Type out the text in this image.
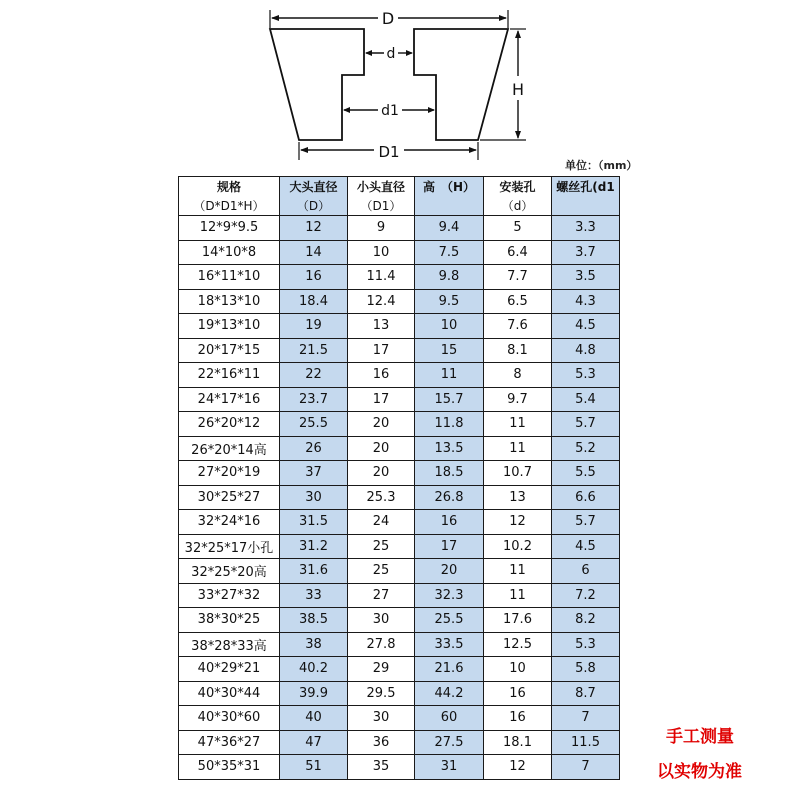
D
d
d1
D1
H
单位：（mm）
规格	大头直径	小头直径	高　（H）	安装孔	螺丝孔(d1
（D*D1*H）	（D）	（D1）		（d）	
12*9*9.5	12	9	9.4	5	3.3
14*10*8	14	10	7.5	6.4	3.7
16*11*10	16	11.4	9.8	7.7	3.5
18*13*10	18.4	12.4	9.5	6.5	4.3
19*13*10	19	13	10	7.6	4.5
20*17*15	21.5	17	15	8.1	4.8
22*16*11	22	16	11	8	5.3
24*17*16	23.7	17	15.7	9.7	5.4
26*20*12	25.5	20	11.8	11	5.7
26*20*14高	26	20	13.5	11	5.2
27*20*19	37	20	18.5	10.7	5.5
30*25*27	30	25.3	26.8	13	6.6
32*24*16	31.5	24	16	12	5.7
32*25*17小孔	31.2	25	17	10.2	4.5
32*25*20高	31.6	25	20	11	6
33*27*32	33	27	32.3	11	7.2
38*30*25	38.5	30	25.5	17.6	8.2
38*28*33高	38	27.8	33.5	12.5	5.3
40*29*21	40.2	29	21.6	10	5.8
40*30*44	39.9	29.5	44.2	16	8.7
40*30*60	40	30	60	16	7
47*36*27	47	36	27.5	18.1	11.5
50*35*31	51	35	31	12	7
手工测量
以实物为准
